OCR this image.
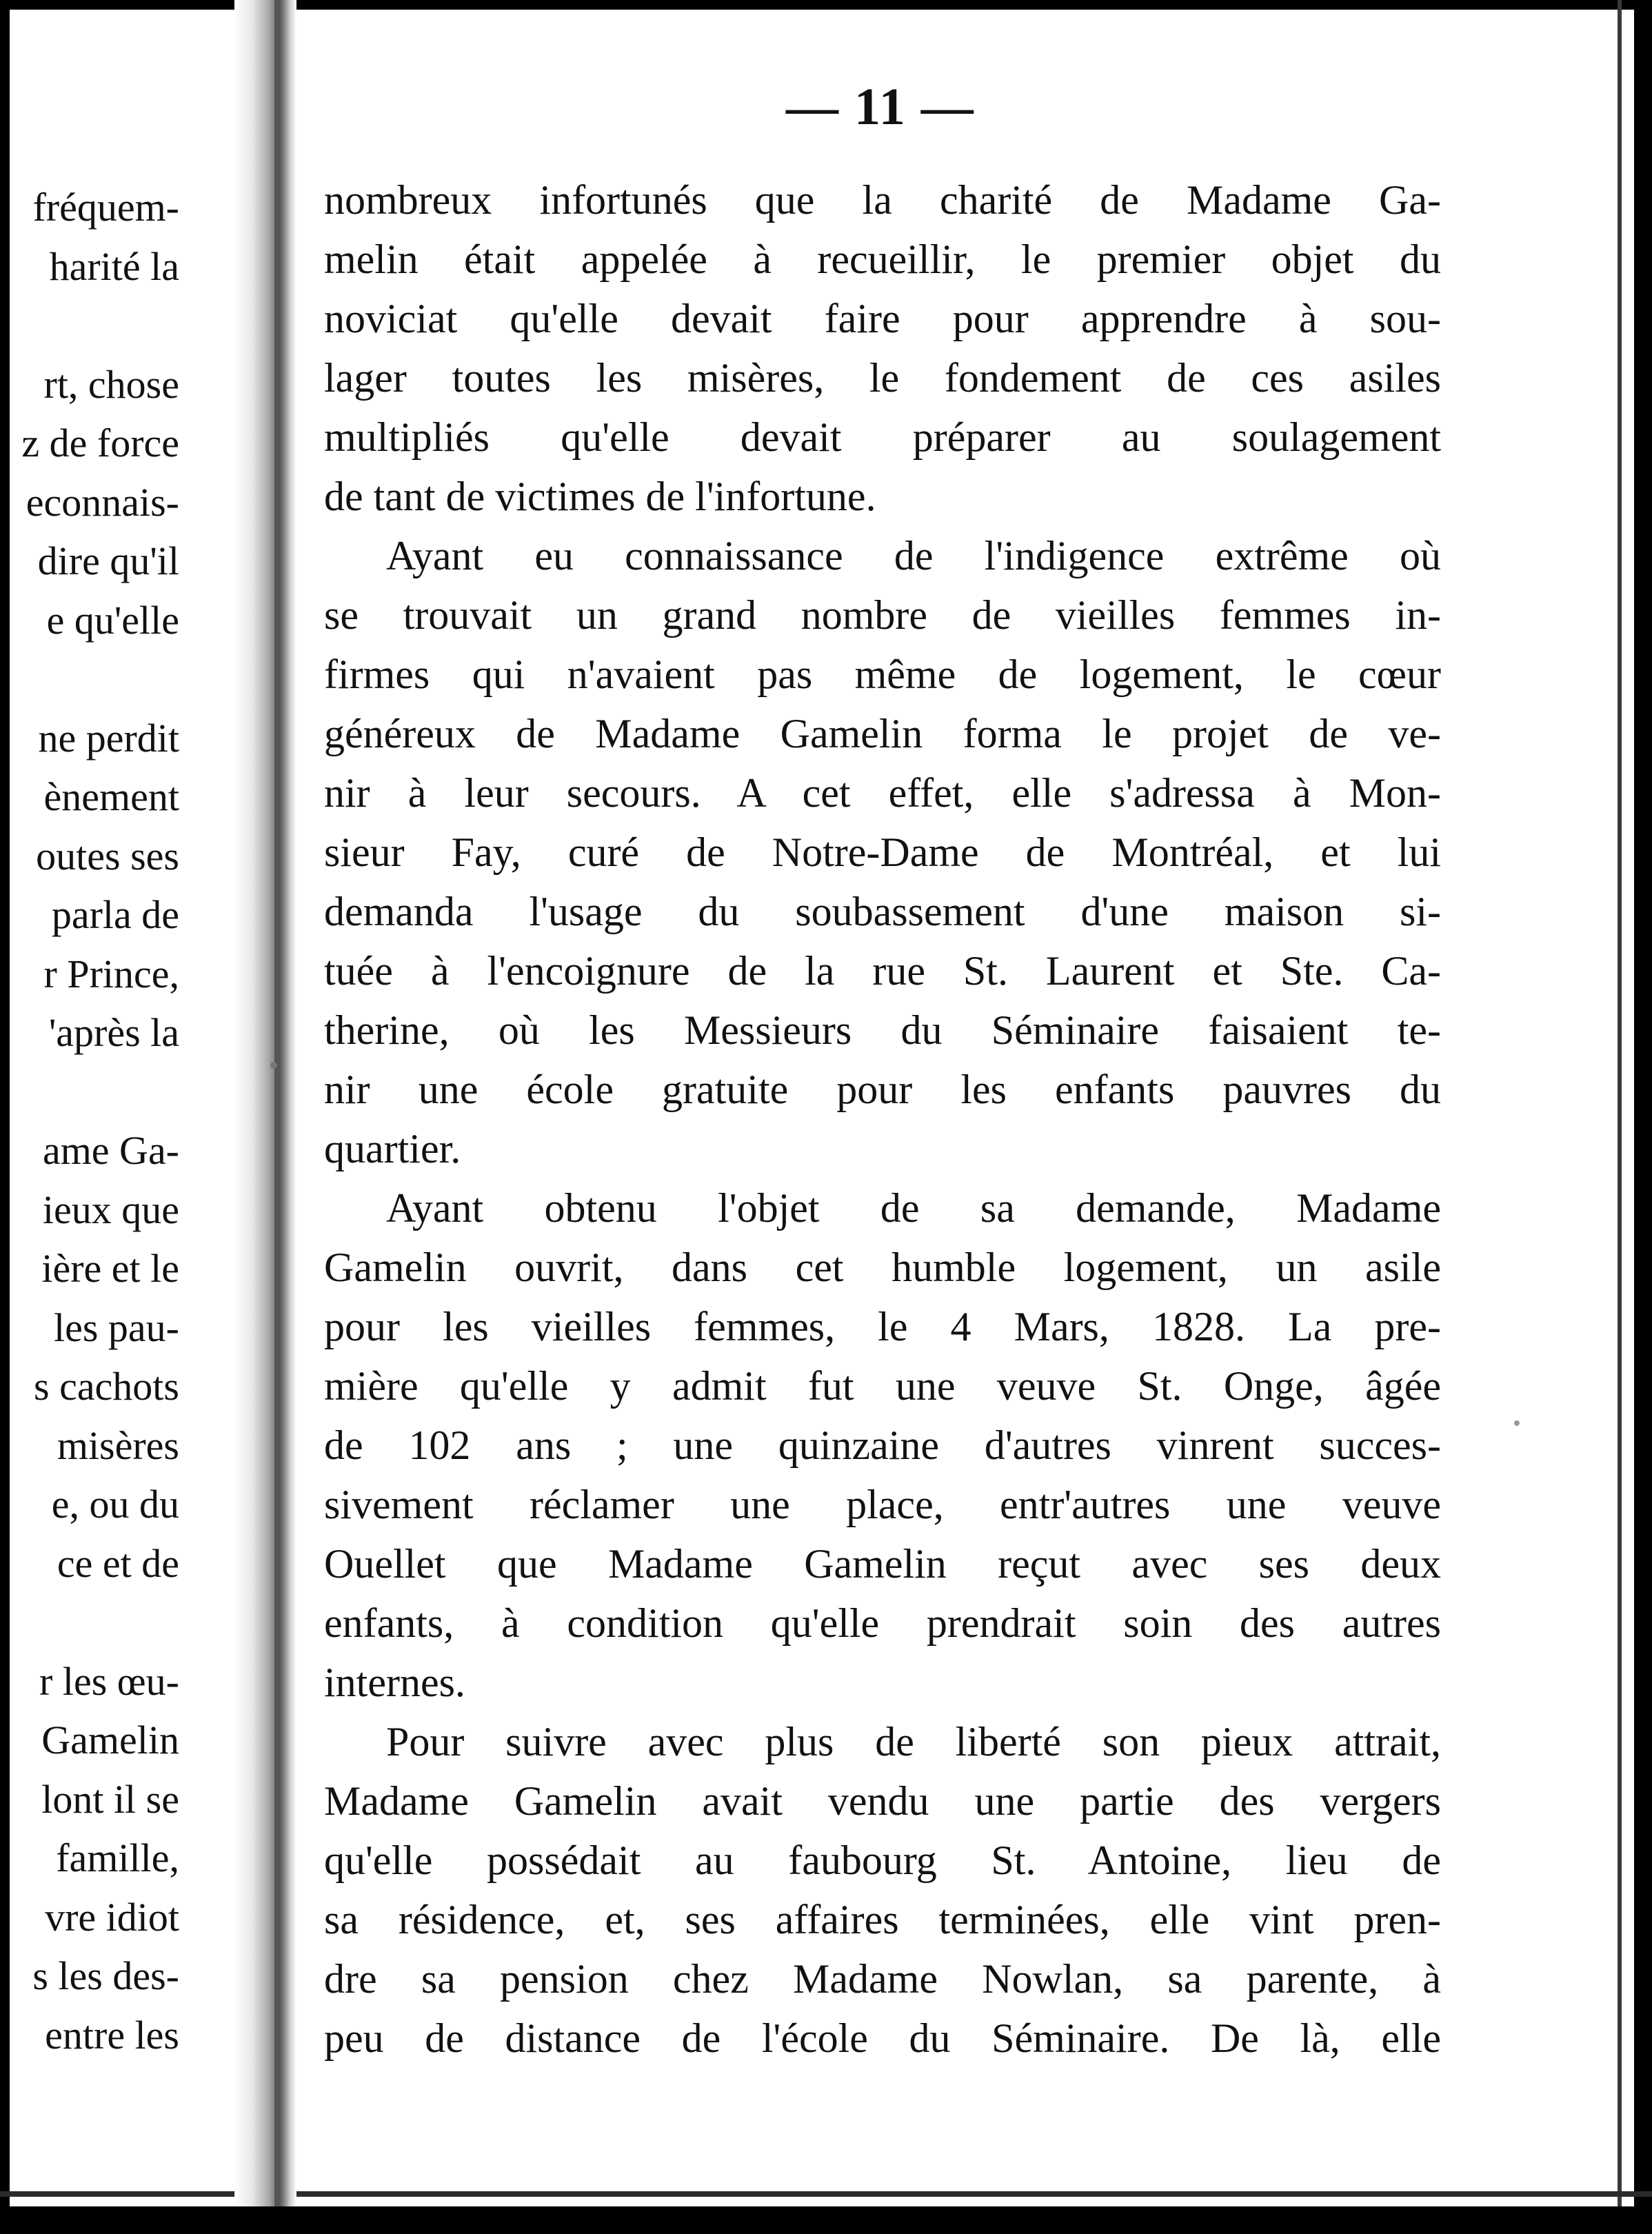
fréquem-
harité la
rt, chose
z de force
econnais-
dire qu'il
e qu'elle
ne perdit
ènement
outes ses
parla de
r Prince,
'après la
ame Ga-
ieux que
ière et le
les pau-
s cachots
misères
e, ou du
ce et de
r les œu-
Gamelin
lont il se
famille,
vre idiot
s les des-
entre les
— 11 —
nombreux infortunés que la charité de Madame Ga-
melin était appelée à recueillir, le premier objet du
noviciat qu'elle devait faire pour apprendre à sou-
lager toutes les misères, le fondement de ces asiles
multipliés qu'elle devait préparer au soulagement
de tant de victimes de l'infortune.
Ayant eu connaissance de l'indigence extrême où
se trouvait un grand nombre de vieilles femmes in-
firmes qui n'avaient pas même de logement, le cœur
généreux de Madame Gamelin forma le projet de ve-
nir à leur secours. A cet effet, elle s'adressa à Mon-
sieur Fay, curé de Notre-Dame de Montréal, et lui
demanda l'usage du soubassement d'une maison si-
tuée à l'encoignure de la rue St. Laurent et Ste. Ca-
therine, où les Messieurs du Séminaire faisaient te-
nir une école gratuite pour les enfants pauvres du
quartier.
Ayant obtenu l'objet de sa demande, Madame
Gamelin ouvrit, dans cet humble logement, un asile
pour les vieilles femmes, le 4 Mars, 1828. La pre-
mière qu'elle y admit fut une veuve St. Onge, âgée
de 102 ans ; une quinzaine d'autres vinrent succes-
sivement réclamer une place, entr'autres une veuve
Ouellet que Madame Gamelin reçut avec ses deux
enfants, à condition qu'elle prendrait soin des autres
internes.
Pour suivre avec plus de liberté son pieux attrait,
Madame Gamelin avait vendu une partie des vergers
qu'elle possédait au faubourg St. Antoine, lieu de
sa résidence, et, ses affaires terminées, elle vint pren-
dre sa pension chez Madame Nowlan, sa parente, à
peu de distance de l'école du Séminaire. De là, elle
